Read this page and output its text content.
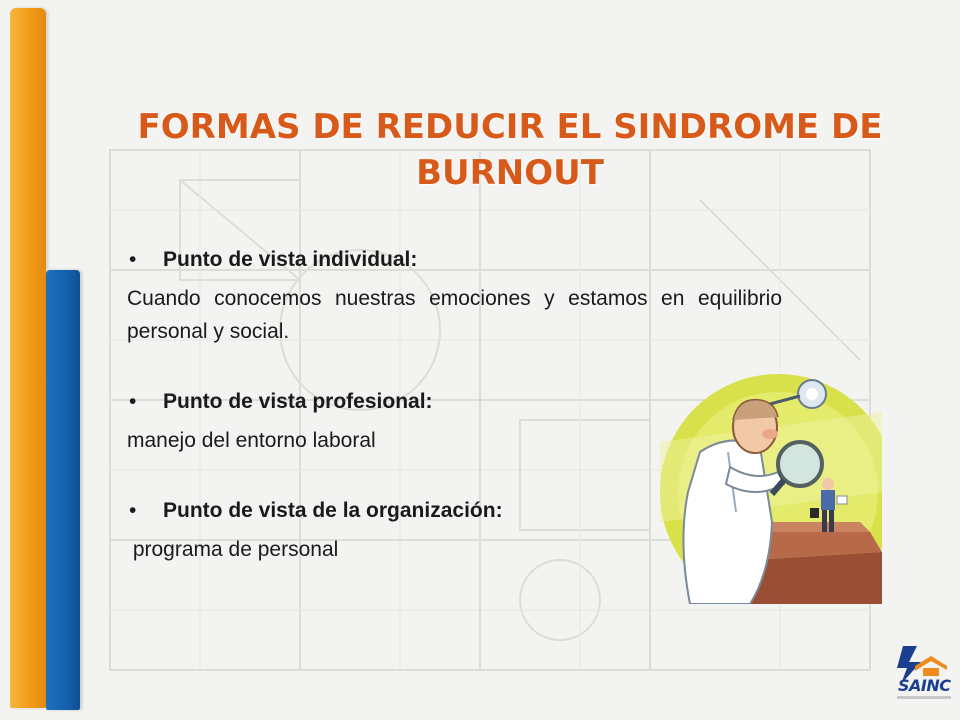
FORMAS DE REDUCIR EL SINDROME DE BURNOUT

• Punto de vista individual:

Cuando conocemos nuestras emociones y estamos en equilibrio personal y social.

• Punto de vista profesional:

manejo del entorno laboral

• Punto de vista de la organización:

programa de personal

SAINC
